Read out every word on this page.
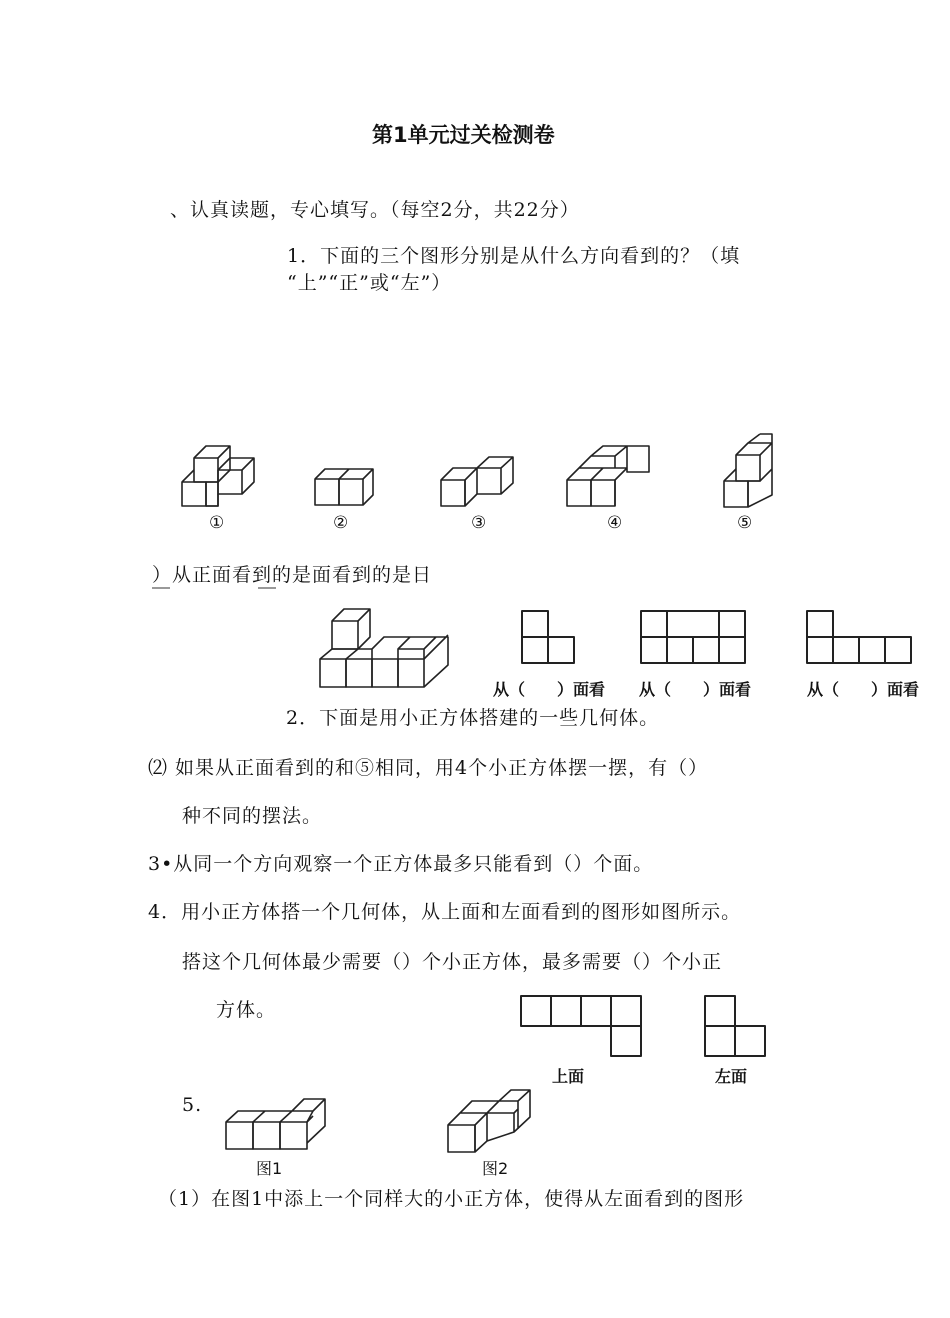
第1单元过关检测卷
、认真读题，专心填写。（每空2分，共22分）
1．下面的三个图形分别是从什么方向看到的？（填
“上”“正”或“左”）
①	②	③	④	⑤
）从正面看到的是面看到的是日
从（　　）面看 从（　　）面看	从（　　）面看
2．下面是用小正方体搭建的一些几何体。
⑵ 如果从正面看到的和⑤相同，用4个小正方体摆一摆，有（）
种不同的摆法。
3•从同一个方向观察一个正方体最多只能看到（）个面。
4．用小正方体搭一个几何体，从上面和左面看到的图形如图所示。
搭这个几何体最少需要（）个小正方体，最多需要（）个小正
方体。
上面	左面
5.
图1	图2
（1）在图1中添上一个同样大的小正方体，使得从左面看到的图形
